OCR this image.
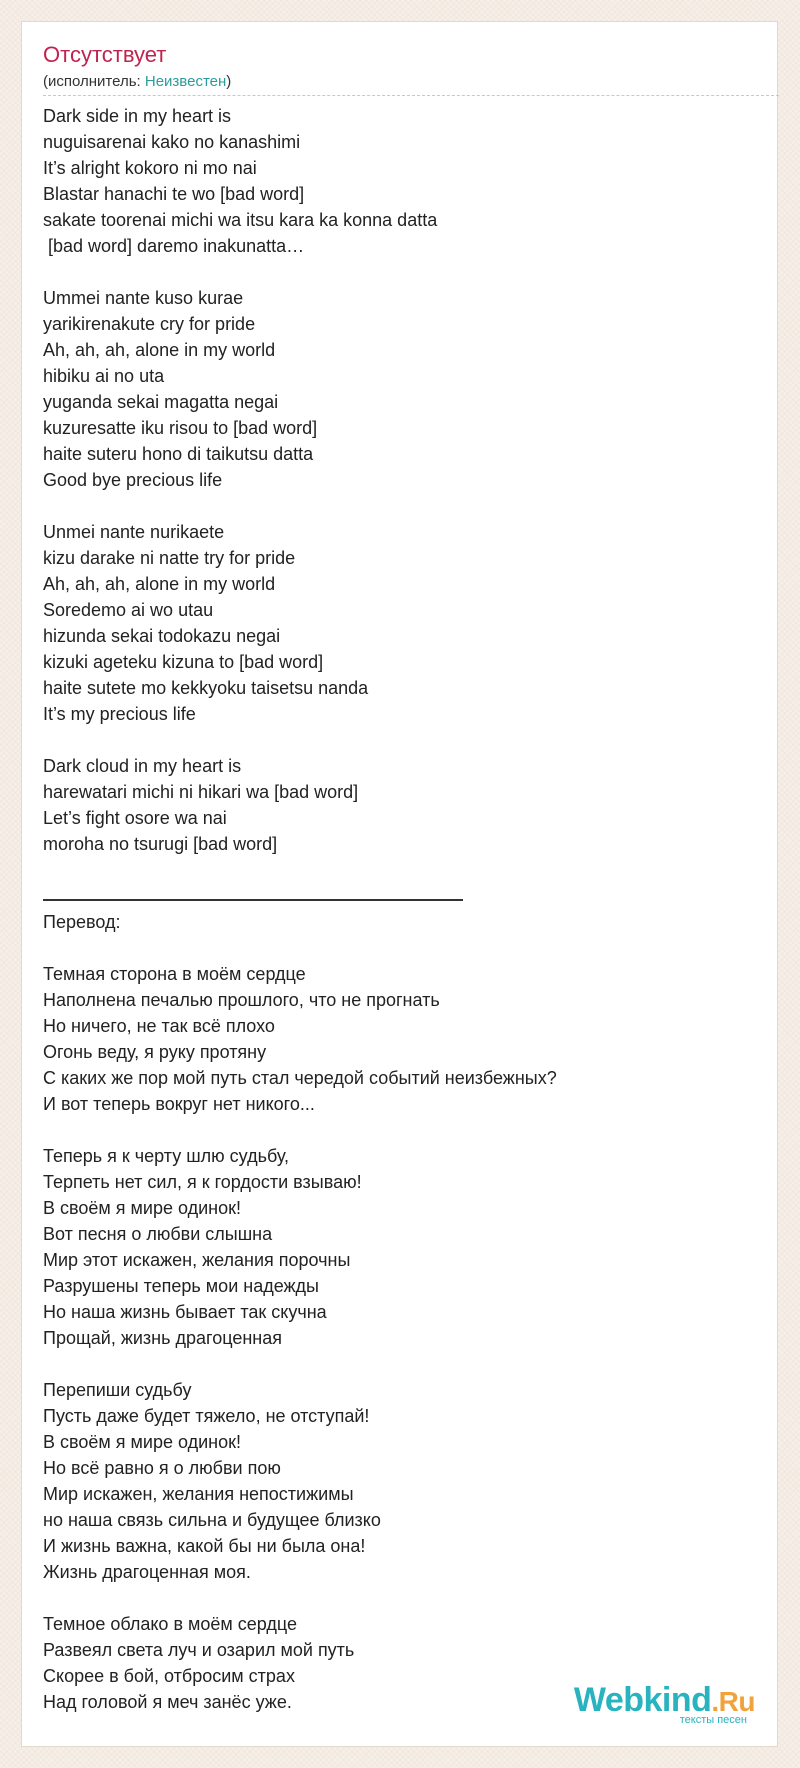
Отсутствует
(исполнитель: Неизвестен)
Dark side in my heart is
nuguisarenai kako no kanashimi
It’s alright kokoro ni mo nai
Blastar hanachi te wo [bad word]
sakate toorenai michi wa itsu kara ka konna datta
[bad word] daremo inakunatta…
Ummei nante kuso kurae
yarikirenakute cry for pride
Ah, ah, ah, alone in my world
hibiku ai no uta
yuganda sekai magatta negai
kuzuresatte iku risou to [bad word]
haite suteru hono di taikutsu datta
Good bye precious life
Unmei nante nurikaete
kizu darake ni natte try for pride
Ah, ah, ah, alone in my world
Soredemo ai wo utau
hizunda sekai todokazu negai
kizuki ageteku kizuna to [bad word]
haite sutete mo kekkyoku taisetsu nanda
It’s my precious life
Dark cloud in my heart is
harewatari michi ni hikari wa [bad word]
Let’s fight osore wa nai
moroha no tsurugi [bad word]
Перевод:
Темная сторона в моём сердце
Наполнена печалью прошлого, что не прогнать
Но ничего, не так всё плохо
Огонь веду, я руку протяну
С каких же пор мой путь стал чередой событий неизбежных?
И вот теперь вокруг нет никого...
Теперь я к черту шлю судьбу,
Терпеть нет сил, я к гордости взываю!
В своём я мире одинок!
Вот песня о любви слышна
Мир этот искажен, желания порочны
Разрушены теперь мои надежды
Но наша жизнь бывает так скучна
Прощай, жизнь драгоценная
Перепиши судьбу
Пусть даже будет тяжело, не отступай!
В своём я мире одинок!
Но всё равно я о любви пою
Мир искажен, желания непостижимы
но наша связь сильна и будущее близко
И жизнь важна, какой бы ни была она!
Жизнь драгоценная моя.
Темное облако в моём сердце
Развеял света луч и озарил мой путь
Скорее в бой, отбросим страх
Над головой я меч занёс уже.	Webkind.Ru
тексты песен
